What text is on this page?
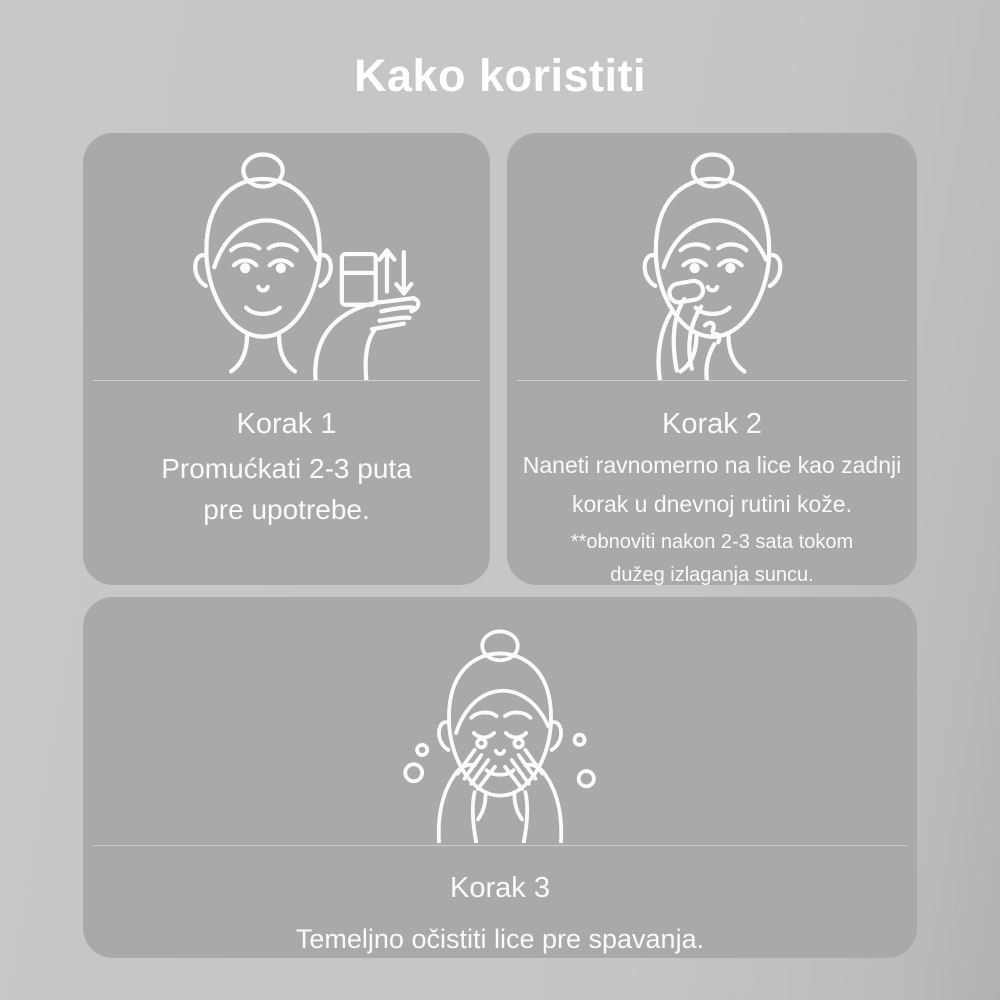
Kako koristiti
Korak 1
Promućkati 2-3 puta
pre upotrebe.
Korak 2
Naneti ravnomerno na lice kao zadnji
korak u dnevnoj rutini kože.
**obnoviti nakon 2-3 sata tokom
dužeg izlaganja suncu.
Korak 3
Temeljno očistiti lice pre spavanja.
